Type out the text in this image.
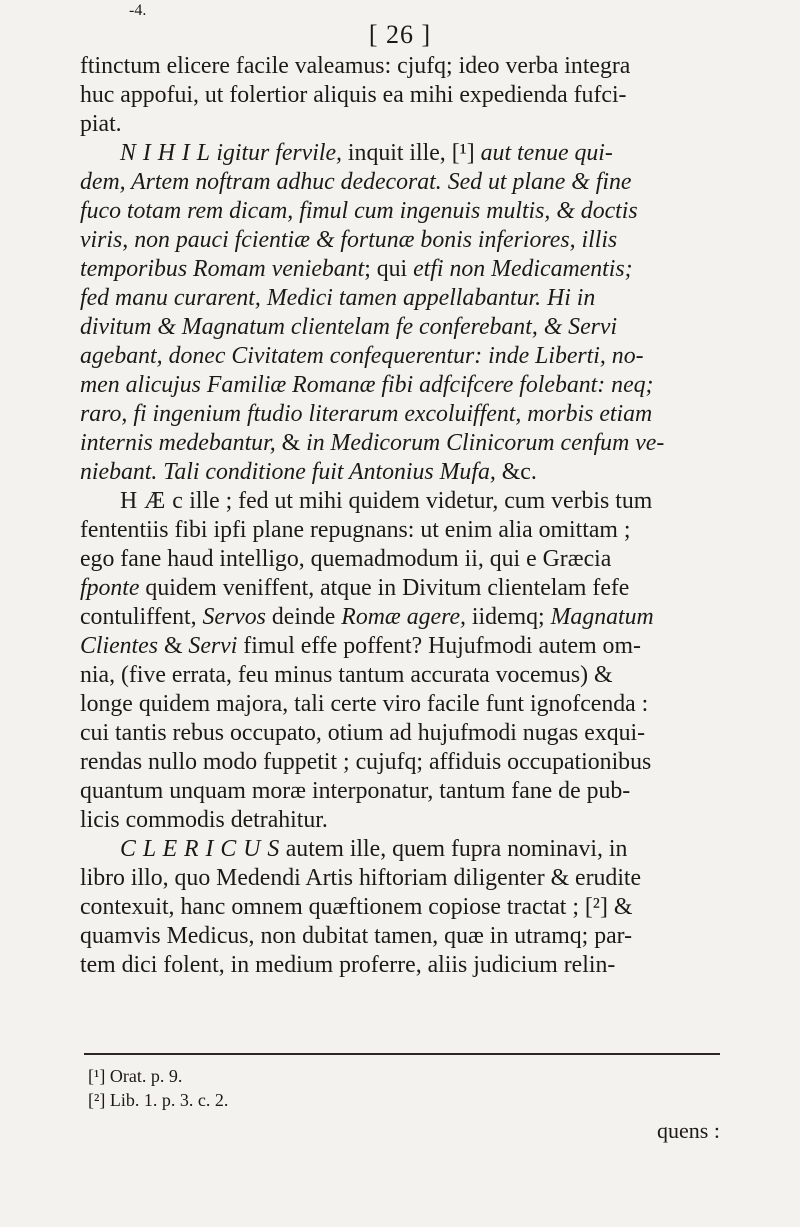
-4.
[ 26 ]

ftinctum elicere facile valeamus: cjufq; ideo verba integra

huc appofui, ut folertior aliquis ea mihi expedienda fufci-

piat.

N I H I L igitur fervile, inquit ille, [¹] aut tenue qui-

dem, Artem noftram adhuc dedecorat. Sed ut plane & fine

fuco totam rem dicam, fimul cum ingenuis multis, & doctis

viris, non pauci fcientiæ & fortunæ bonis inferiores, illis

temporibus Romam veniebant; qui etfi non Medicamentis;

fed manu curarent, Medici tamen appellabantur. Hi in

divitum & Magnatum clientelam fe conferebant, & Servi

agebant, donec Civitatem confequerentur: inde Liberti, no-

men alicujus Familiæ Romanæ fibi adfcifcere folebant: neq;

raro, fi ingenium ftudio literarum excoluiffent, morbis etiam

internis medebantur, & in Medicorum Clinicorum cenfum ve-

niebant. Tali conditione fuit Antonius Mufa, &c.

H Æ c ille ; fed ut mihi quidem videtur, cum verbis tum

fententiis fibi ipfi plane repugnans: ut enim alia omittam ;

ego fane haud intelligo, quemadmodum ii, qui e Græcia

fponte quidem veniffent, atque in Divitum clientelam fefe

contuliffent, Servos deinde Romæ agere, iidemq; Magnatum

Clientes & Servi fimul effe poffent? Hujufmodi autem om-

nia, (five errata, feu minus tantum accurata vocemus) &

longe quidem majora, tali certe viro facile funt ignofcenda :

cui tantis rebus occupato, otium ad hujufmodi nugas exqui-

rendas nullo modo fuppetit ; cujufq; affiduis occupationibus

quantum unquam moræ interponatur, tantum fane de pub-

licis commodis detrahitur.

C L E R I C U S autem ille, quem fupra nominavi, in

libro illo, quo Medendi Artis hiftoriam diligenter & erudite

contexuit, hanc omnem quæftionem copiose tractat ; [²] &

quamvis Medicus, non dubitat tamen, quæ in utramq; par-

tem dici folent, in medium proferre, aliis judicium relin-

[¹] Orat. p. 9.
[²] Lib. 1. p. 3. c. 2.
quens :
